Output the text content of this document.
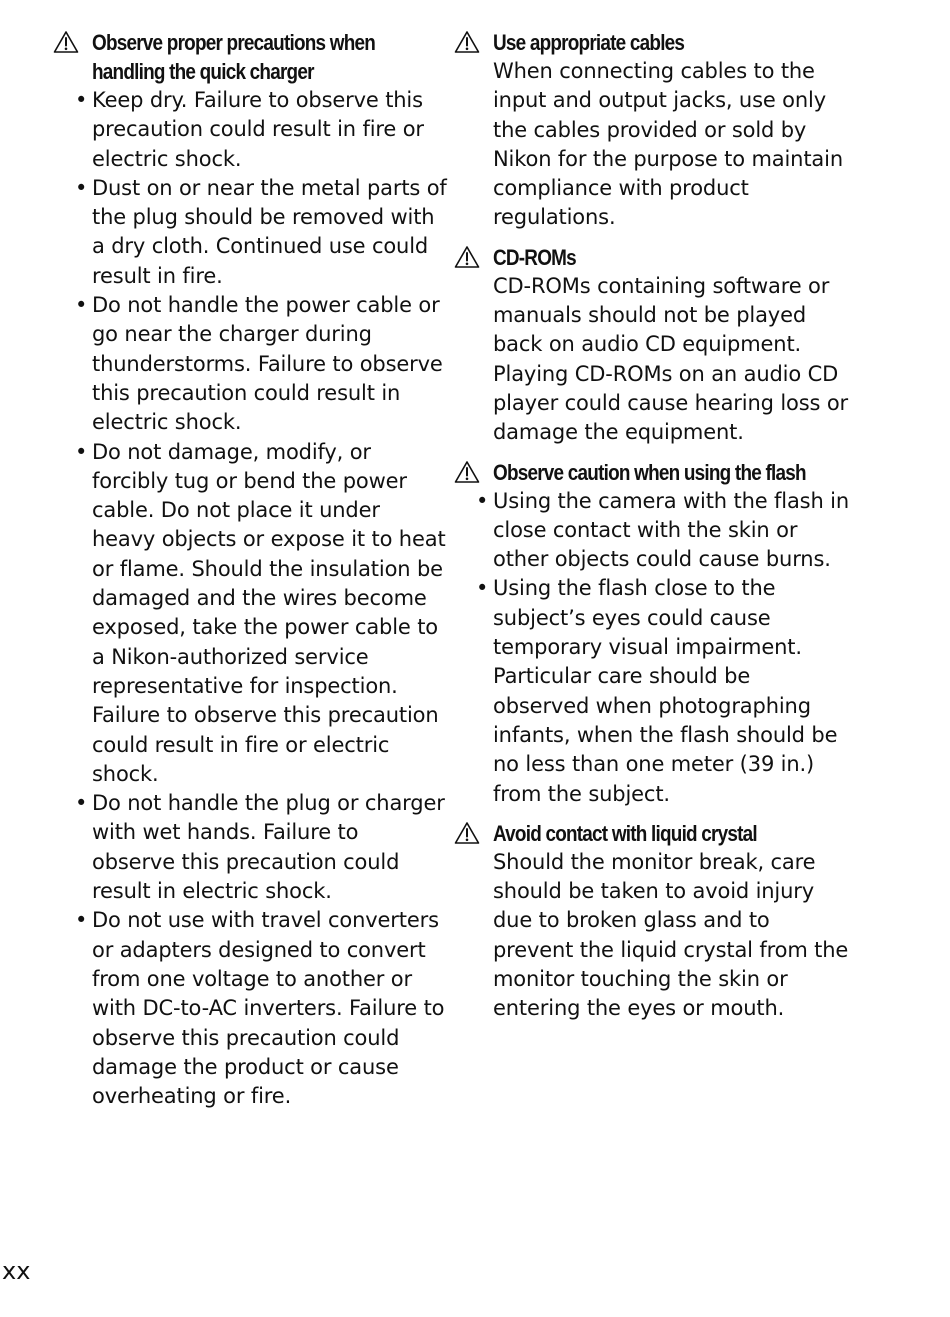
Observe proper precautions when
handling the quick charger
• Keep dry. Failure to observe this
precaution could result in fire or
electric shock.
• Dust on or near the metal parts of
the plug should be removed with
a dry cloth. Continued use could
result in fire.
• Do not handle the power cable or
go near the charger during
thunderstorms. Failure to observe
this precaution could result in
electric shock.
• Do not damage, modify, or
forcibly tug or bend the power
cable. Do not place it under
heavy objects or expose it to heat
or flame. Should the insulation be
damaged and the wires become
exposed, take the power cable to
a Nikon-authorized service
representative for inspection.
Failure to observe this precaution
could result in fire or electric
shock.
• Do not handle the plug or charger
with wet hands. Failure to
observe this precaution could
result in electric shock.
• Do not use with travel converters
or adapters designed to convert
from one voltage to another or
with DC-to-AC inverters. Failure to
observe this precaution could
damage the product or cause
overheating or fire.
Use appropriate cables
When connecting cables to the
input and output jacks, use only
the cables provided or sold by
Nikon for the purpose to maintain
compliance with product
regulations.
CD-ROMs
CD-ROMs containing software or
manuals should not be played
back on audio CD equipment.
Playing CD-ROMs on an audio CD
player could cause hearing loss or
damage the equipment.
Observe caution when using the flash
• Using the camera with the flash in
close contact with the skin or
other objects could cause burns.
• Using the flash close to the
subject’s eyes could cause
temporary visual impairment.
Particular care should be
observed when photographing
infants, when the flash should be
no less than one meter (39 in.)
from the subject.
Avoid contact with liquid crystal
Should the monitor break, care
should be taken to avoid injury
due to broken glass and to
prevent the liquid crystal from the
monitor touching the skin or
entering the eyes or mouth.
xx
